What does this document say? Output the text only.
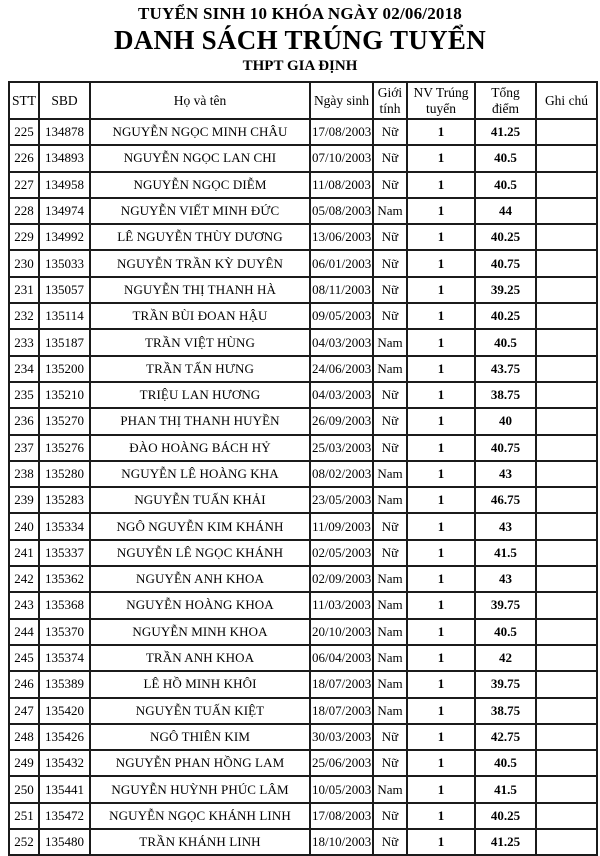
TUYỂN SINH 10 KHÓA NGÀY 02/06/2018
DANH SÁCH TRÚNG TUYỂN
THPT GIA ĐỊNH
STT	SBD	Họ và tên	Ngày sinh	Giới tính	NV Trúng tuyển	Tổng điểm	Ghi chú
225	134878	NGUYỄN NGỌC MINH CHÂU	17/08/2003	Nữ	1	41.25	
226	134893	NGUYỄN NGỌC LAN CHI	07/10/2003	Nữ	1	40.5	
227	134958	NGUYỄN NGỌC DIỄM	11/08/2003	Nữ	1	40.5	
228	134974	NGUYỄN VIẾT MINH ĐỨC	05/08/2003	Nam	1	44	
229	134992	LÊ NGUYỄN THÙY DƯƠNG	13/06/2003	Nữ	1	40.25	
230	135033	NGUYỄN TRẦN KỲ DUYÊN	06/01/2003	Nữ	1	40.75	
231	135057	NGUYỄN THỊ THANH HÀ	08/11/2003	Nữ	1	39.25	
232	135114	TRẦN BÙI ĐOAN HẬU	09/05/2003	Nữ	1	40.25	
233	135187	TRẦN VIỆT HÙNG	04/03/2003	Nam	1	40.5	
234	135200	TRẦN TẤN HƯNG	24/06/2003	Nam	1	43.75	
235	135210	TRIỆU LAN HƯƠNG	04/03/2003	Nữ	1	38.75	
236	135270	PHAN THỊ THANH HUYỀN	26/09/2003	Nữ	1	40	
237	135276	ĐÀO HOÀNG BÁCH HỶ	25/03/2003	Nữ	1	40.75	
238	135280	NGUYỄN LÊ HOÀNG KHA	08/02/2003	Nam	1	43	
239	135283	NGUYỄN TUẤN KHẢI	23/05/2003	Nam	1	46.75	
240	135334	NGÔ NGUYỄN KIM KHÁNH	11/09/2003	Nữ	1	43	
241	135337	NGUYỄN LÊ NGỌC KHÁNH	02/05/2003	Nữ	1	41.5	
242	135362	NGUYỄN ANH KHOA	02/09/2003	Nam	1	43	
243	135368	NGUYỄN HOÀNG KHOA	11/03/2003	Nam	1	39.75	
244	135370	NGUYỄN MINH KHOA	20/10/2003	Nam	1	40.5	
245	135374	TRẦN ANH KHOA	06/04/2003	Nam	1	42	
246	135389	LÊ HỒ MINH KHÔI	18/07/2003	Nam	1	39.75	
247	135420	NGUYỄN TUẤN KIỆT	18/07/2003	Nam	1	38.75	
248	135426	NGÔ THIÊN KIM	30/03/2003	Nữ	1	42.75	
249	135432	NGUYỄN PHAN HỒNG LAM	25/06/2003	Nữ	1	40.5	
250	135441	NGUYỄN HUỲNH PHÚC LÂM	10/05/2003	Nam	1	41.5	
251	135472	NGUYỄN NGỌC KHÁNH LINH	17/08/2003	Nữ	1	40.25	
252	135480	TRẦN KHÁNH LINH	18/10/2003	Nữ	1	41.25	
